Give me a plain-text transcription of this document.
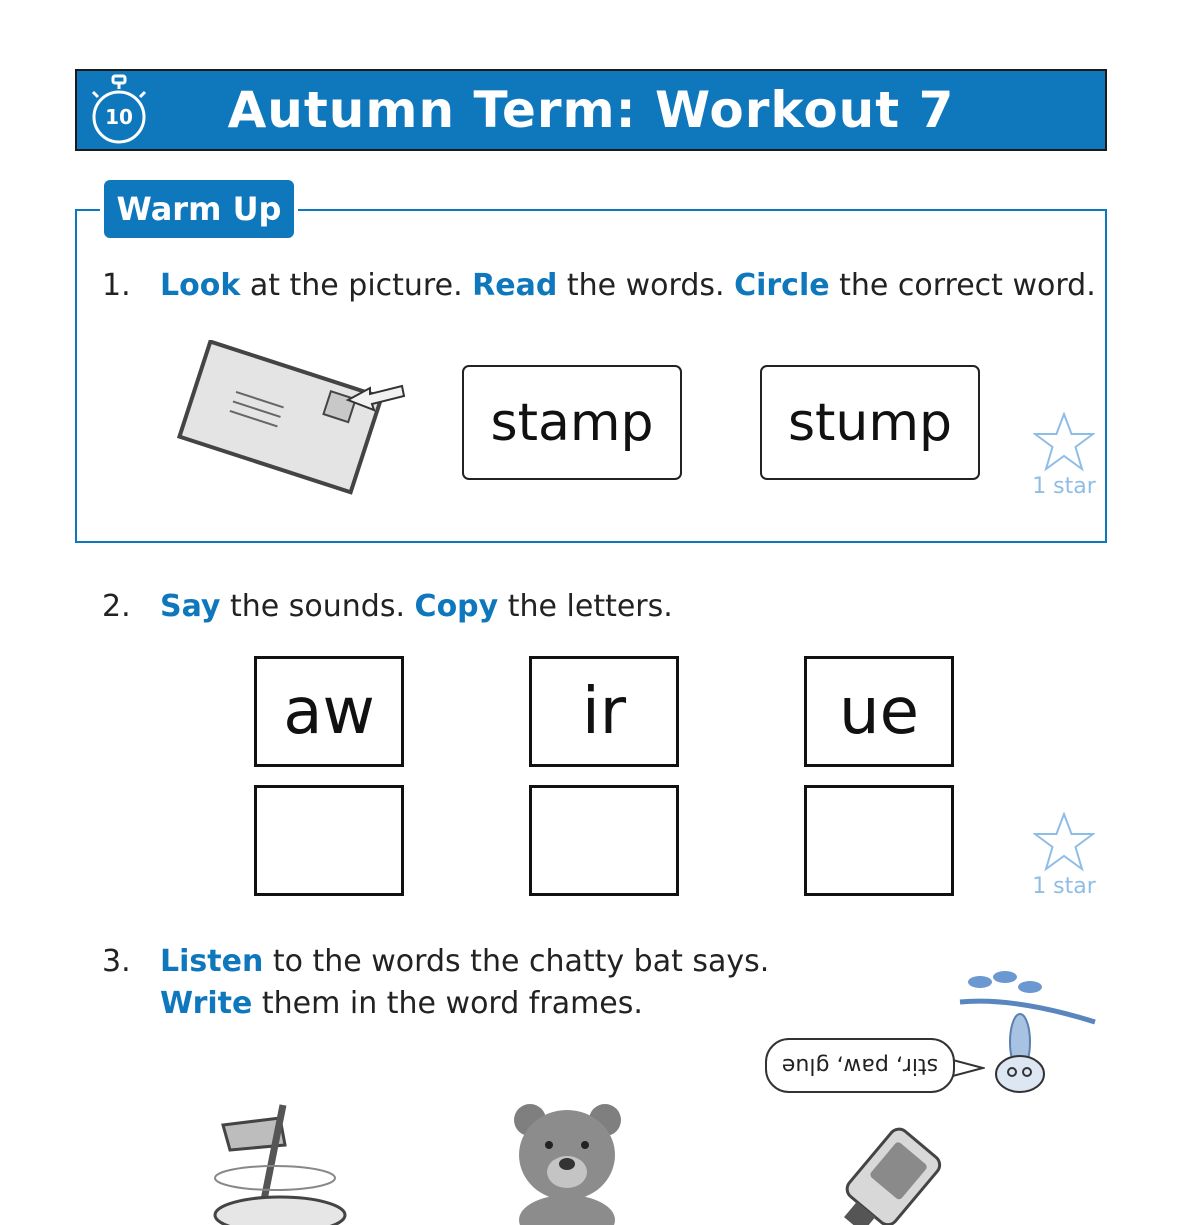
10	Autumn Term: Workout 7
Warm Up
1. Look at the picture. Read the words. Circle the correct word.
stamp	stump
1 star
2. Say the sounds. Copy the letters.
aw	ir	ue
1 star
3. Listen to the words the chatty bat says.
Write them in the word frames.
stir, paw, glue
